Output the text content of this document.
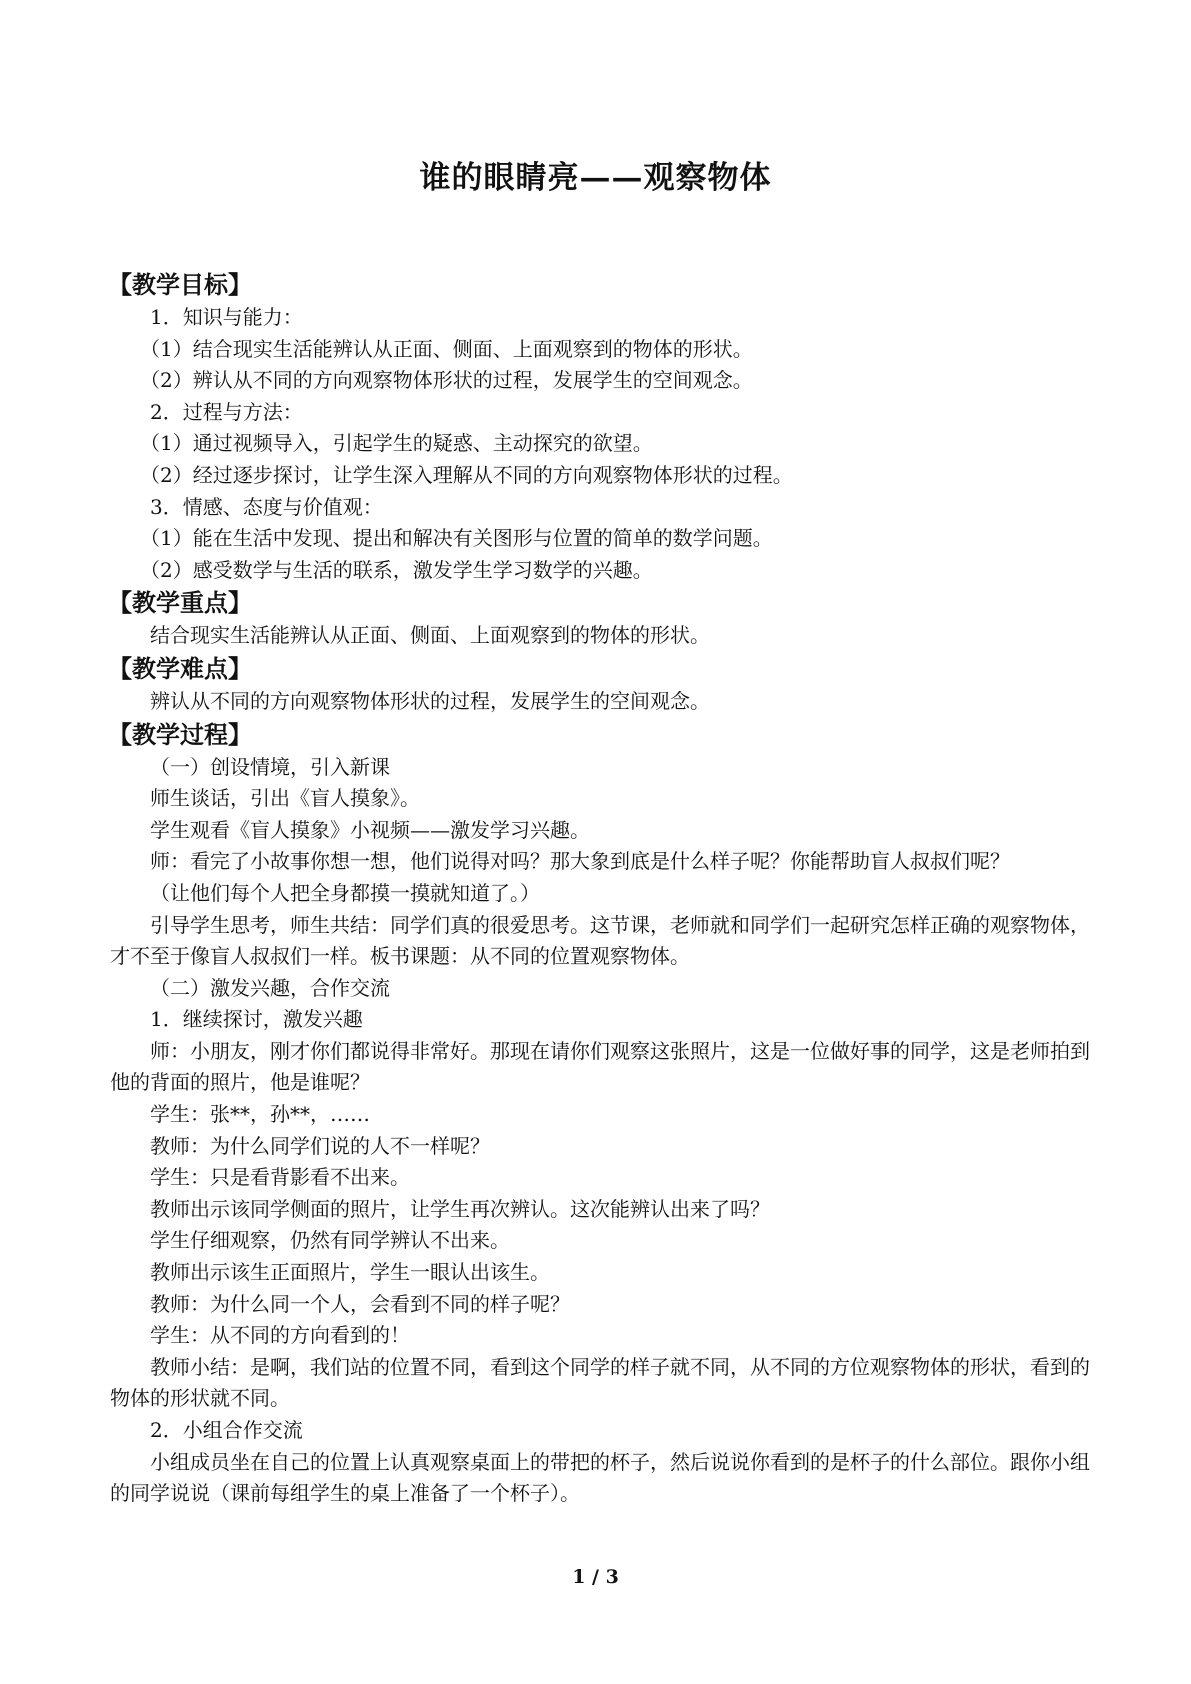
谁的眼睛亮——观察物体
【教学目标】

1．知识与能力：

（1）结合现实生活能辨认从正面、侧面、上面观察到的物体的形状。

（2）辨认从不同的方向观察物体形状的过程，发展学生的空间观念。

2．过程与方法：

（1）通过视频导入，引起学生的疑惑、主动探究的欲望。

（2）经过逐步探讨，让学生深入理解从不同的方向观察物体形状的过程。

3．情感、态度与价值观：

（1）能在生活中发现、提出和解决有关图形与位置的简单的数学问题。

（2）感受数学与生活的联系，激发学生学习数学的兴趣。

【教学重点】

结合现实生活能辨认从正面、侧面、上面观察到的物体的形状。

【教学难点】

辨认从不同的方向观察物体形状的过程，发展学生的空间观念。

【教学过程】

（一）创设情境，引入新课

师生谈话，引出《盲人摸象》。

学生观看《盲人摸象》小视频——激发学习兴趣。

师：看完了小故事你想一想，他们说得对吗？那大象到底是什么样子呢？你能帮助盲人叔叔们呢？

（让他们每个人把全身都摸一摸就知道了。）

引导学生思考，师生共结：同学们真的很爱思考。这节课，老师就和同学们一起研究怎样正确的观察物体，才不至于像盲人叔叔们一样。板书课题：从不同的位置观察物体。

（二）激发兴趣，合作交流

1．继续探讨，激发兴趣

师：小朋友，刚才你们都说得非常好。那现在请你们观察这张照片，这是一位做好事的同学，这是老师拍到他的背面的照片，他是谁呢？

学生：张**，孙**，……

教师：为什么同学们说的人不一样呢？

学生：只是看背影看不出来。

教师出示该同学侧面的照片，让学生再次辨认。这次能辨认出来了吗？

学生仔细观察，仍然有同学辨认不出来。

教师出示该生正面照片，学生一眼认出该生。

教师：为什么同一个人，会看到不同的样子呢？

学生：从不同的方向看到的！

教师小结：是啊，我们站的位置不同，看到这个同学的样子就不同，从不同的方位观察物体的形状，看到的物体的形状就不同。

2．小组合作交流

小组成员坐在自己的位置上认真观察桌面上的带把的杯子，然后说说你看到的是杯子的什么部位。跟你小组的同学说说（课前每组学生的桌上准备了一个杯子）。

1 / 3
